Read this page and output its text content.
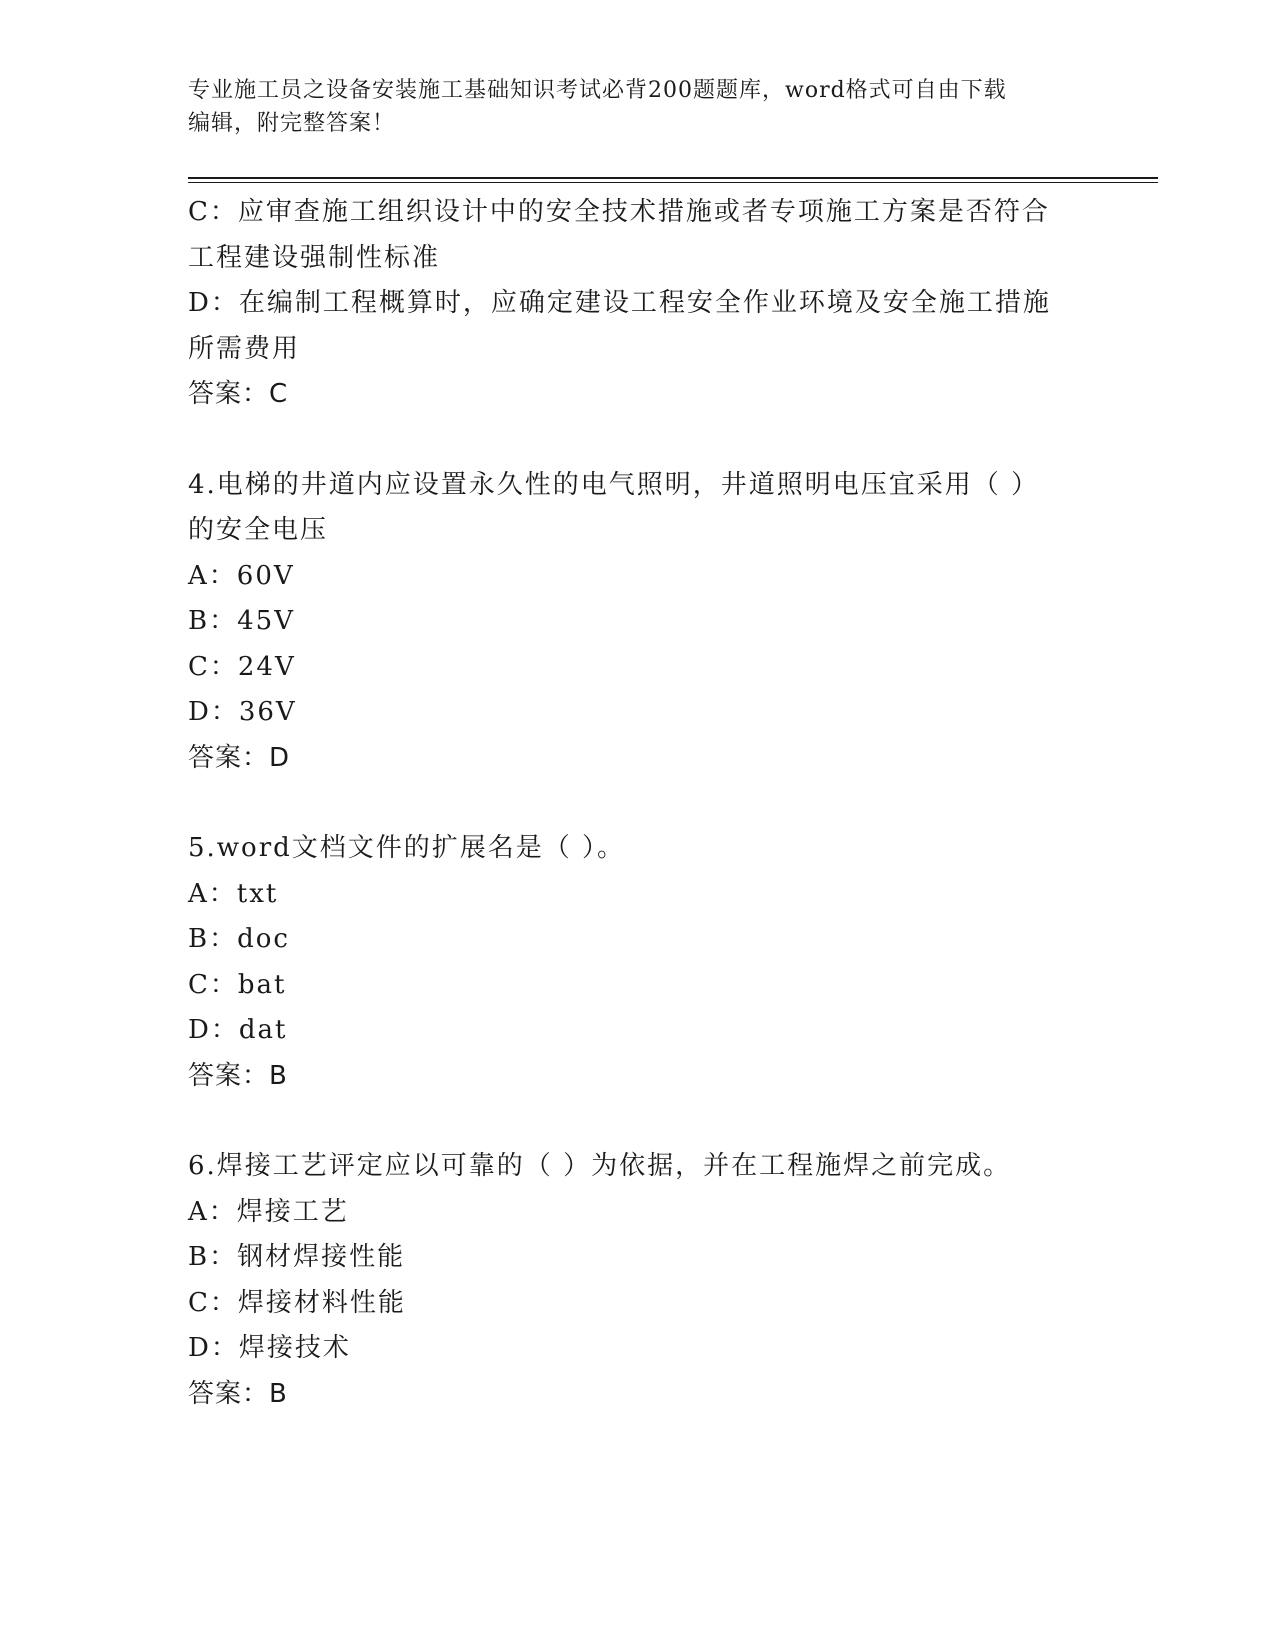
专业施工员之设备安装施工基础知识考试必背200题题库，word格式可自由下载
编辑，附完整答案！
C：应审查施工组织设计中的安全技术措施或者专项施工方案是否符合
工程建设强制性标准
D：在编制工程概算时，应确定建设工程安全作业环境及安全施工措施
所需费用
答案：C
4.电梯的井道内应设置永久性的电气照明，井道照明电压宜采用（ ）
的安全电压
A：60V
B：45V
C：24V
D：36V
答案：D
5.word文档文件的扩展名是（ ）。
A：txt
B：doc
C：bat
D：dat
答案：B
6.焊接工艺评定应以可靠的（ ）为依据，并在工程施焊之前完成。
A：焊接工艺
B：钢材焊接性能
C：焊接材料性能
D：焊接技术
答案：B
